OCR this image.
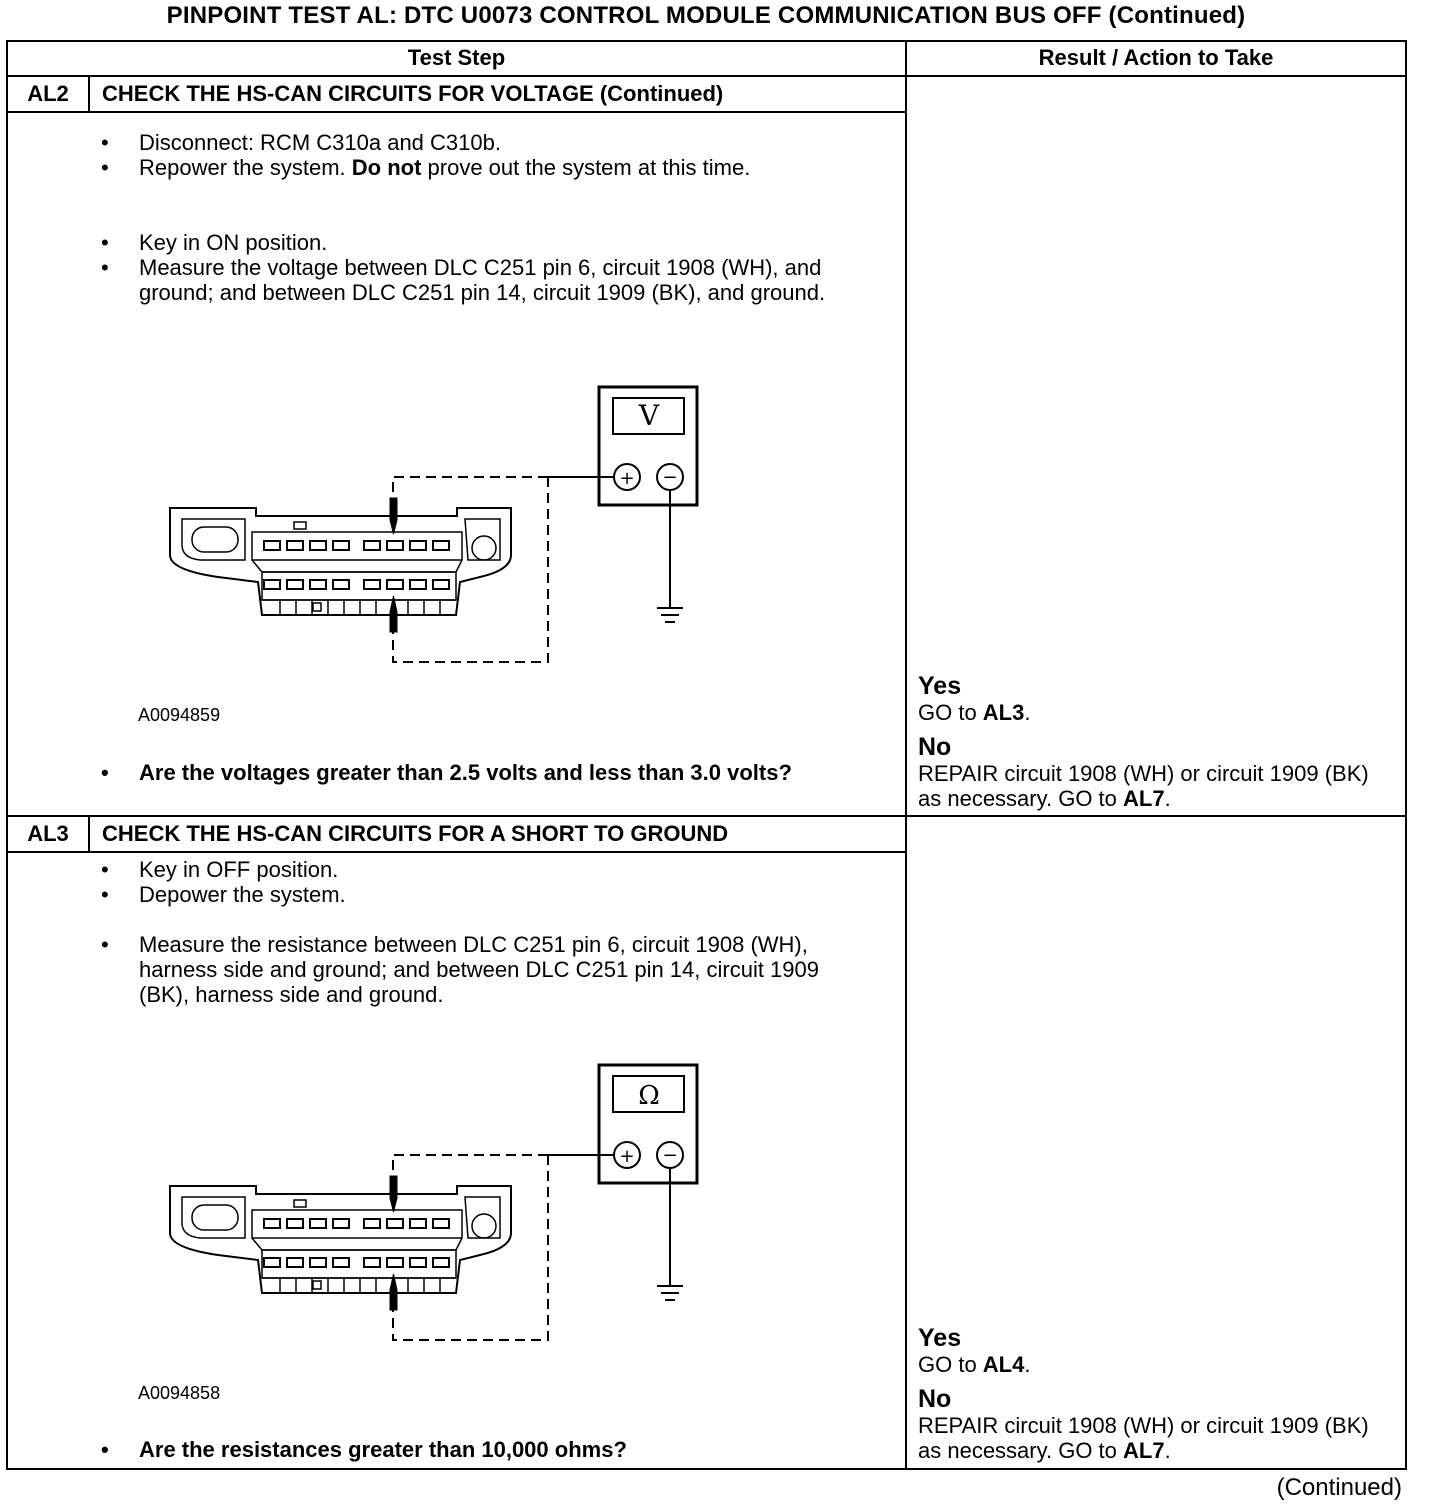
PINPOINT TEST AL: DTC U0073 CONTROL MODULE COMMUNICATION BUS OFF (Continued)
Test Step	Result / Action to Take
AL2	CHECK THE HS-CAN CIRCUITS FOR VOLTAGE (Continued)
• Disconnect: RCM C310a and C310b.
• Repower the system. Do not prove out the system at this time.
• Key in ON position.
• Measure the voltage between DLC C251 pin 6, circuit 1908 (WH), and ground; and between DLC C251 pin 14, circuit 1909 (BK), and ground.
V
+ −
A0094859
• Are the voltages greater than 2.5 volts and less than 3.0 volts?
Yes
GO to AL3.
No
REPAIR circuit 1908 (WH) or circuit 1909 (BK) as necessary. GO to AL7.
AL3	CHECK THE HS-CAN CIRCUITS FOR A SHORT TO GROUND
• Key in OFF position.
• Depower the system.
• Measure the resistance between DLC C251 pin 6, circuit 1908 (WH), harness side and ground; and between DLC C251 pin 14, circuit 1909 (BK), harness side and ground.
Ω
+ −
A0094858
• Are the resistances greater than 10,000 ohms?
Yes
GO to AL4.
No
REPAIR circuit 1908 (WH) or circuit 1909 (BK) as necessary. GO to AL7.
(Continued)
